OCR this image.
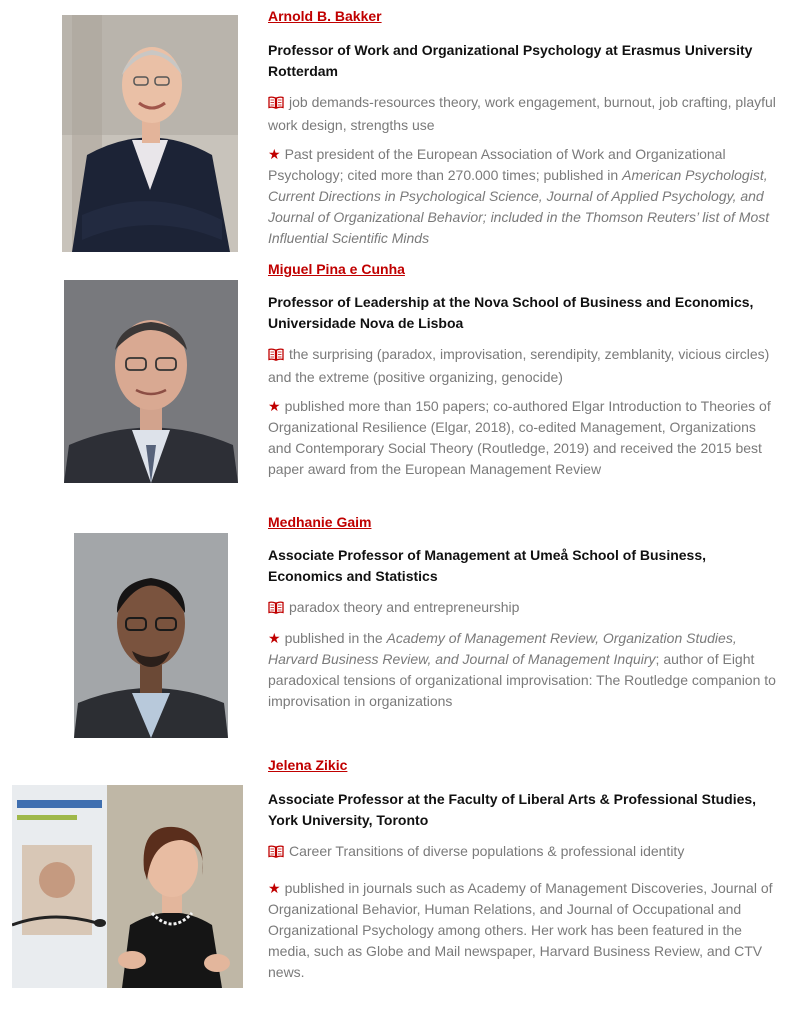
Arnold B. Bakker

Professor of Work and Organizational Psychology at Erasmus University Rotterdam

job demands-resources theory, work engagement, burnout, job crafting, playful work design, strengths use

★ Past president of the European Association of Work and Organizational Psychology; cited more than 270.000 times; published in American Psychologist, Current Directions in Psychological Science, Journal of Applied Psychology, and Journal of Organizational Behavior; included in the Thomson Reuters’ list of Most Influential Scientific Minds

Miguel Pina e Cunha

Professor of Leadership at the Nova School of Business and Economics, Universidade Nova de Lisboa

the surprising (paradox, improvisation, serendipity, zemblanity, vicious circles) and the extreme (positive organizing, genocide)

★ published more than 150 papers; co-authored Elgar Introduction to Theories of Organizational Resilience (Elgar, 2018), co-edited Management, Organizations and Contemporary Social Theory (Routledge, 2019) and received the 2015 best paper award from the European Management Review

Medhanie Gaim

Associate Professor of Management at Umeå School of Business, Economics and Statistics

paradox theory and entrepreneurship

★ published in the Academy of Management Review, Organization Studies, Harvard Business Review, and Journal of Management Inquiry; author of Eight paradoxical tensions of organizational improvisation: The Routledge companion to improvisation in organizations

Jelena Zikic

Associate Professor at the Faculty of Liberal Arts & Professional Studies, York University, Toronto

Career Transitions of diverse populations & professional identity

★ published in journals such as Academy of Management Discoveries, Journal of Organizational Behavior, Human Relations, and Journal of Occupational and Organizational Psychology among others. Her work has been featured in the media, such as Globe and Mail newspaper, Harvard Business Review, and CTV news.
